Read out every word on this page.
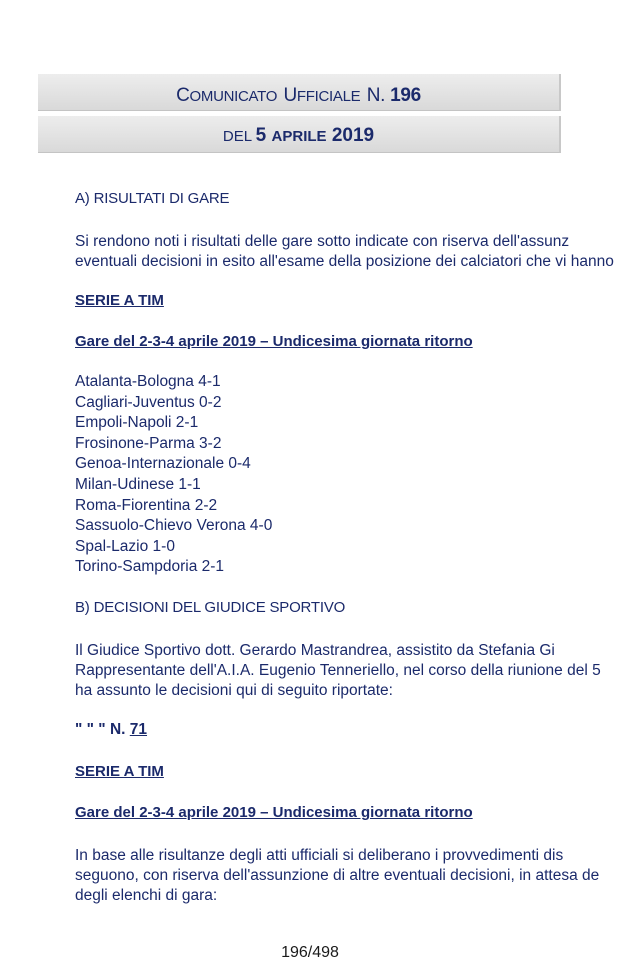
COMUNICATO UFFICIALE N. 196
DEL 5 APRILE 2019
A) RISULTATI DI GARE
Si rendono noti i risultati delle gare sotto indicate con riserva dell'assunz
eventuali decisioni in esito all'esame della posizione dei calciatori che vi hanno
SERIE A TIM
Gare del 2-3-4 aprile 2019 – Undicesima giornata ritorno
Atalanta-Bologna 4-1
Cagliari-Juventus 0-2
Empoli-Napoli 2-1
Frosinone-Parma 3-2
Genoa-Internazionale 0-4
Milan-Udinese 1-1
Roma-Fiorentina 2-2
Sassuolo-Chievo Verona 4-0
Spal-Lazio 1-0
Torino-Sampdoria 2-1
B) DECISIONI DEL GIUDICE SPORTIVO
Il Giudice Sportivo dott. Gerardo Mastrandrea, assistito da Stefania Gi
Rappresentante dell'A.I.A. Eugenio Tenneriello, nel corso della riunione del 5
ha assunto le decisioni qui di seguito riportate:
" " " N. 71
SERIE A TIM
Gare del 2-3-4 aprile 2019 – Undicesima giornata ritorno
In base alle risultanze degli atti ufficiali si deliberano i provvedimenti dis
seguono, con riserva dell'assunzione di altre eventuali decisioni, in attesa de
degli elenchi di gara:
196/498
